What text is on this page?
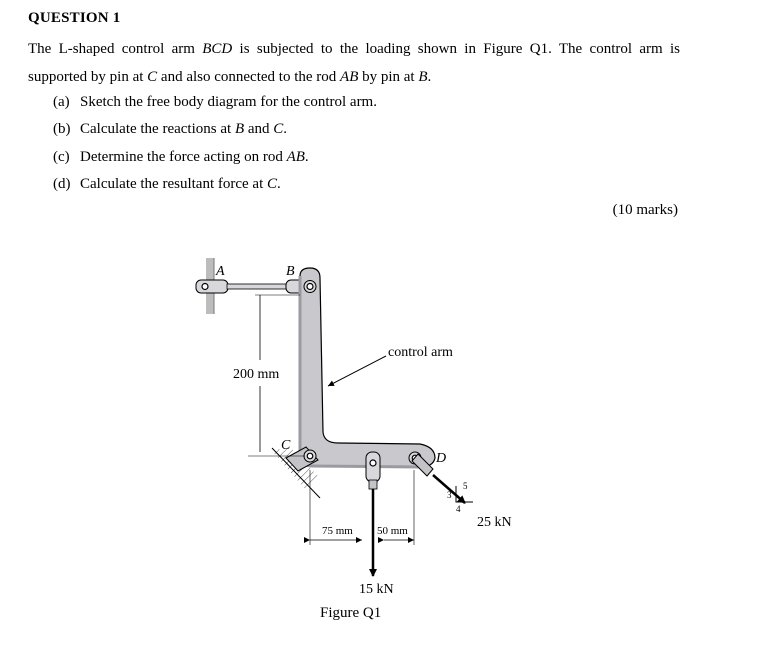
QUESTION 1
The L-shaped control arm BCD is subjected to the loading shown in Figure Q1. The control arm is supported by pin at C and also connected to the rod AB by pin at B.
(a) Sketch the free body diagram for the control arm.
(b) Calculate the reactions at B and C.
(c) Determine the force acting on rod AB.
(d) Calculate the resultant force at C.
(10 marks)
A	B
C
D
control arm
200 mm
75 mm 50 mm
3
4
5
25 kN
15 kN
Figure Q1
